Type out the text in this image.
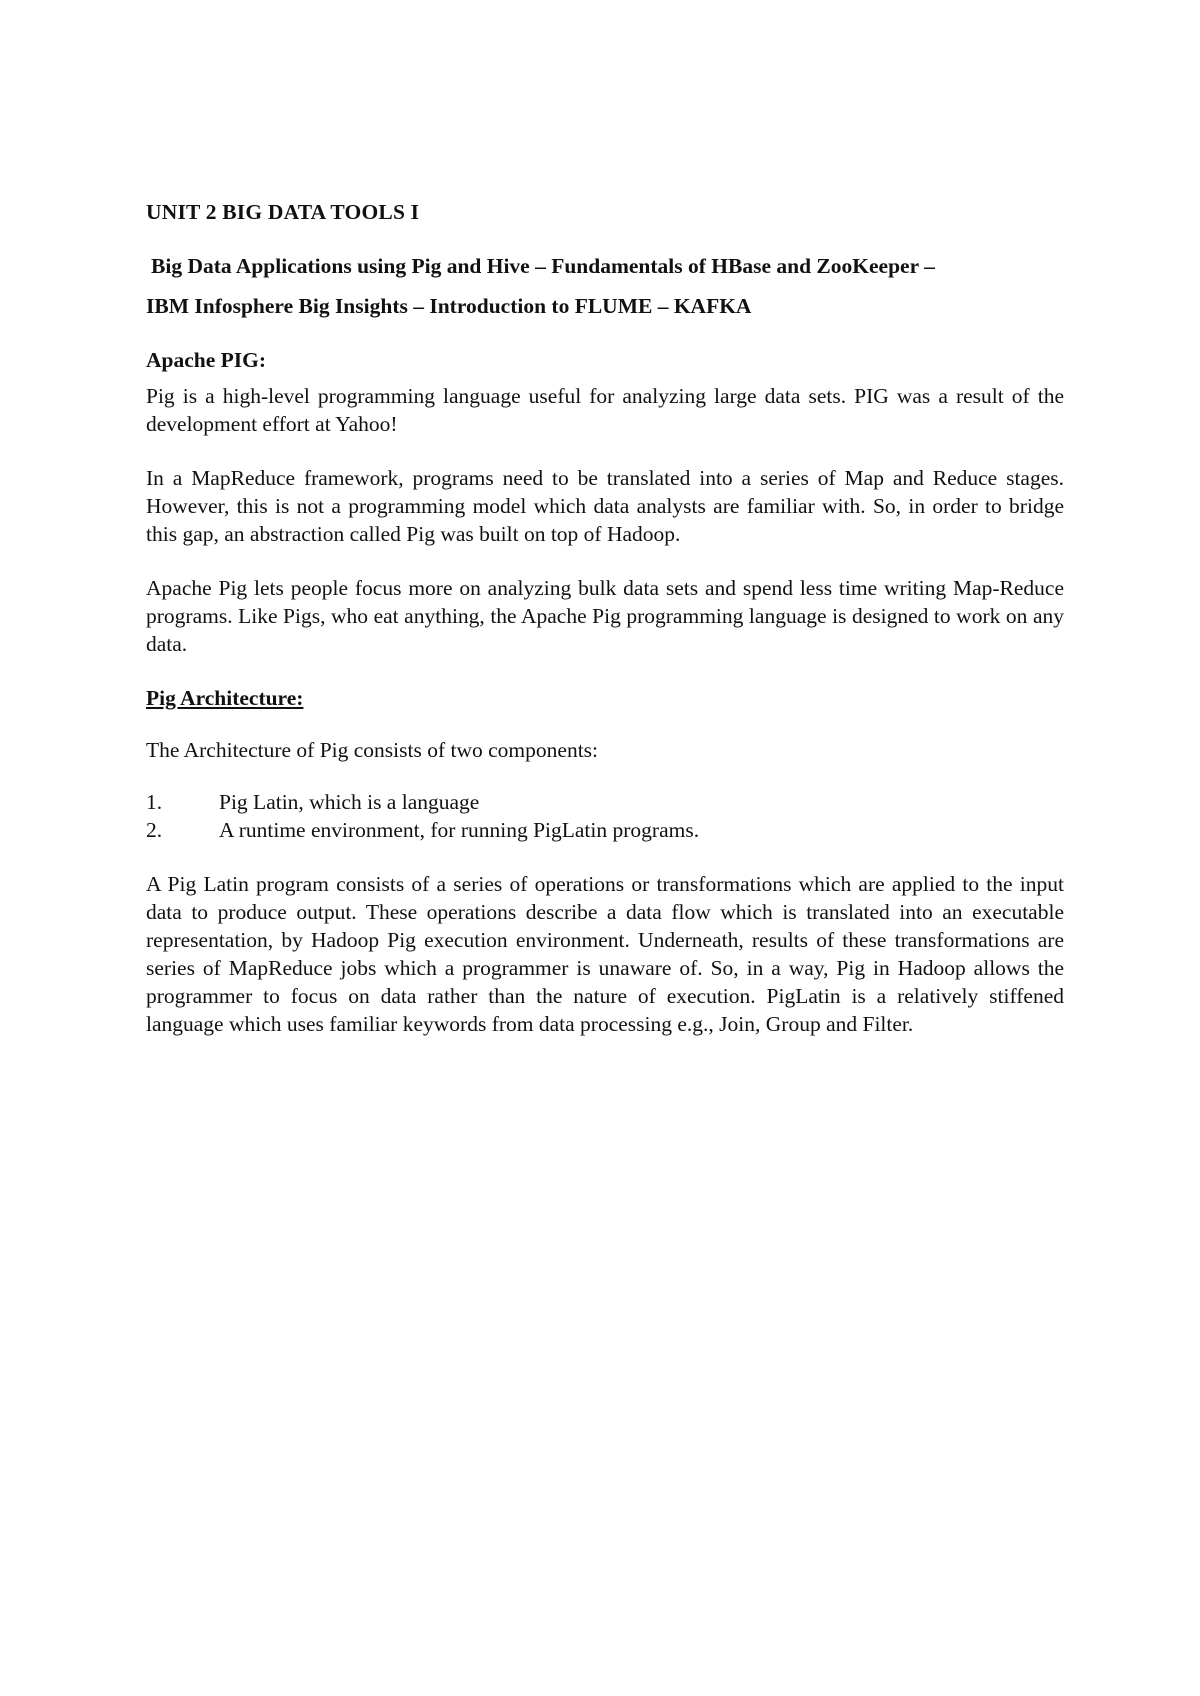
UNIT 2 BIG DATA TOOLS I
Big Data Applications using Pig and Hive – Fundamentals of HBase and ZooKeeper –
IBM Infosphere Big Insights – Introduction to FLUME – KAFKA
Apache PIG:

Pig is a high-level programming language useful for analyzing large data sets. PIG was a result of the development effort at Yahoo!

In a MapReduce framework, programs need to be translated into a series of Map and Reduce stages. However, this is not a programming model which data analysts are familiar with. So, in order to bridge this gap, an abstraction called Pig was built on top of Hadoop.

Apache Pig lets people focus more on analyzing bulk data sets and spend less time writing Map-Reduce programs. Like Pigs, who eat anything, the Apache Pig programming language is designed to work on any data.

Pig Architecture:
The Architecture of Pig consists of two components:
1.	Pig Latin, which is a language
2.	A runtime environment, for running PigLatin programs.

A Pig Latin program consists of a series of operations or transformations which are applied to the input data to produce output. These operations describe a data flow which is translated into an executable representation, by Hadoop Pig execution environment. Underneath, results of these transformations are series of MapReduce jobs which a programmer is unaware of. So, in a way, Pig in Hadoop allows the programmer to focus on data rather than the nature of execution. PigLatin is a relatively stiffened language which uses familiar keywords from data processing e.g., Join, Group and Filter.
